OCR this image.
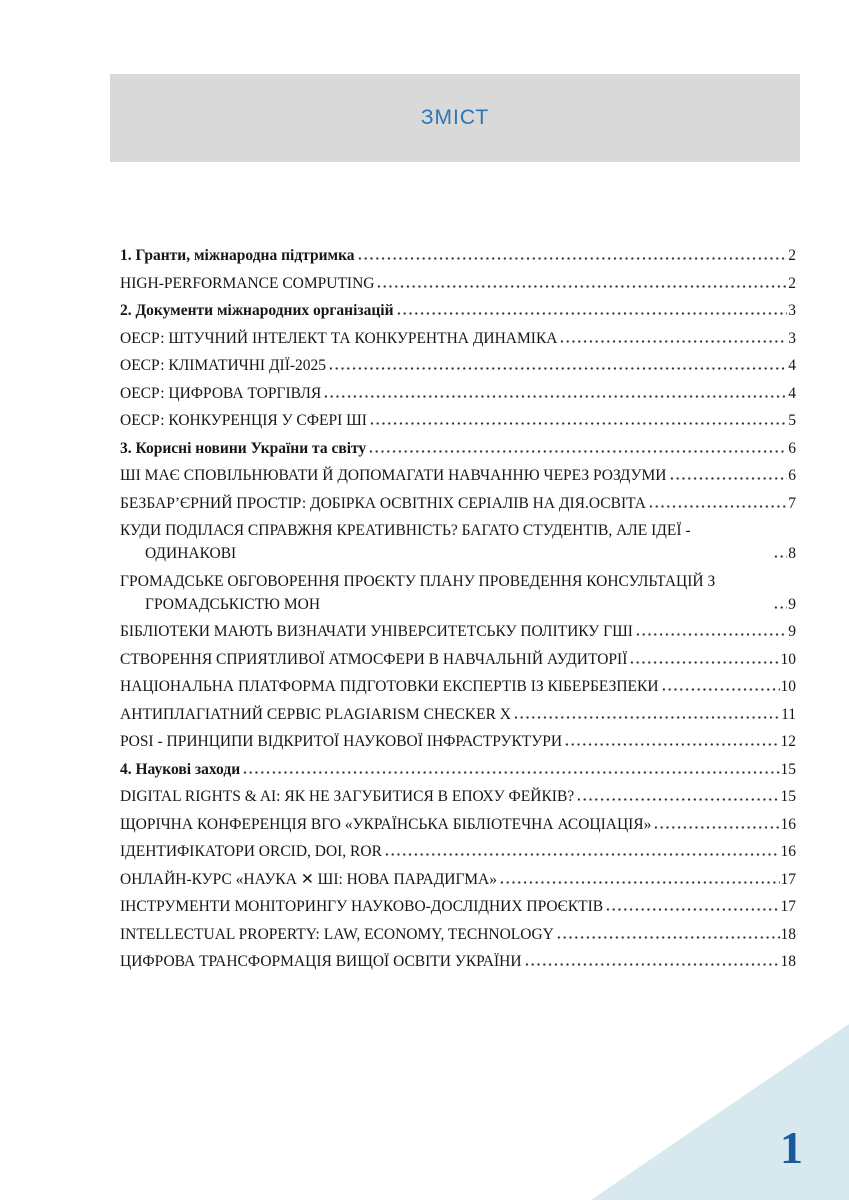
ЗМІСТ
1. Гранти, міжнародна підтримка	2
HIGH-PERFORMANCE COMPUTING	2
2. Документи міжнародних організацій	3
ОЕСР: ШТУЧНИЙ ІНТЕЛЕКТ ТА КОНКУРЕНТНА ДИНАМІКА	3
ОЕСР: КЛІМАТИЧНІ ДІЇ-2025	4
ОЕСР: ЦИФРОВА ТОРГІВЛЯ	4
ОЕСР: КОНКУРЕНЦІЯ У СФЕРІ ШІ	5
3. Корисні новини України та світу	6
ШІ МАЄ СПОВІЛЬНЮВАТИ Й ДОПОМАГАТИ НАВЧАННЮ ЧЕРЕЗ РОЗДУМИ	6
БЕЗБАР’ЄРНИЙ ПРОСТІР: ДОБІРКА ОСВІТНІХ СЕРІАЛІВ НА ДІЯ.ОСВІТА	7
КУДИ ПОДІЛАСЯ СПРАВЖНЯ КРЕАТИВНІСТЬ? БАГАТО СТУДЕНТІВ, АЛЕ ІДЕЇ - ОДИНАКОВІ	8
ГРОМАДСЬКЕ ОБГОВОРЕННЯ ПРОЄКТУ ПЛАНУ ПРОВЕДЕННЯ КОНСУЛЬТАЦІЙ З ГРОМАДСЬКІСТЮ МОН	9
БІБЛІОТЕКИ МАЮТЬ ВИЗНАЧАТИ УНІВЕРСИТЕТСЬКУ ПОЛІТИКУ ГШІ	9
СТВОРЕННЯ СПРИЯТЛИВОЇ АТМОСФЕРИ В НАВЧАЛЬНІЙ АУДИТОРІЇ	10
НАЦІОНАЛЬНА ПЛАТФОРМА ПІДГОТОВКИ ЕКСПЕРТІВ ІЗ КІБЕРБЕЗПЕКИ	10
АНТИПЛАГІАТНИЙ СЕРВІС PLAGIARISM CHECKER X	11
POSI - ПРИНЦИПИ ВІДКРИТОЇ НАУКОВОЇ ІНФРАСТРУКТУРИ	12
4. Наукові заходи	15
DIGITAL RIGHTS & AI: ЯК НЕ ЗАГУБИТИСЯ В ЕПОХУ ФЕЙКІВ?	15
ЩОРІЧНА КОНФЕРЕНЦІЯ ВГО «УКРАЇНСЬКА БІБЛІОТЕЧНА АСОЦІАЦІЯ»	16
ІДЕНТИФІКАТОРИ ORCID, DOI, ROR	16
ОНЛАЙН-КУРС «НАУКА ✕ ШІ: НОВА ПАРАДИГМА»	17
ІНСТРУМЕНТИ МОНІТОРИНГУ НАУКОВО-ДОСЛІДНИХ ПРОЄКТІВ	17
INTELLECTUAL PROPERTY: LAW, ECONOMY, TECHNOLOGY	18
ЦИФРОВА ТРАНСФОРМАЦІЯ ВИЩОЇ ОСВІТИ УКРАЇНИ	18
1
